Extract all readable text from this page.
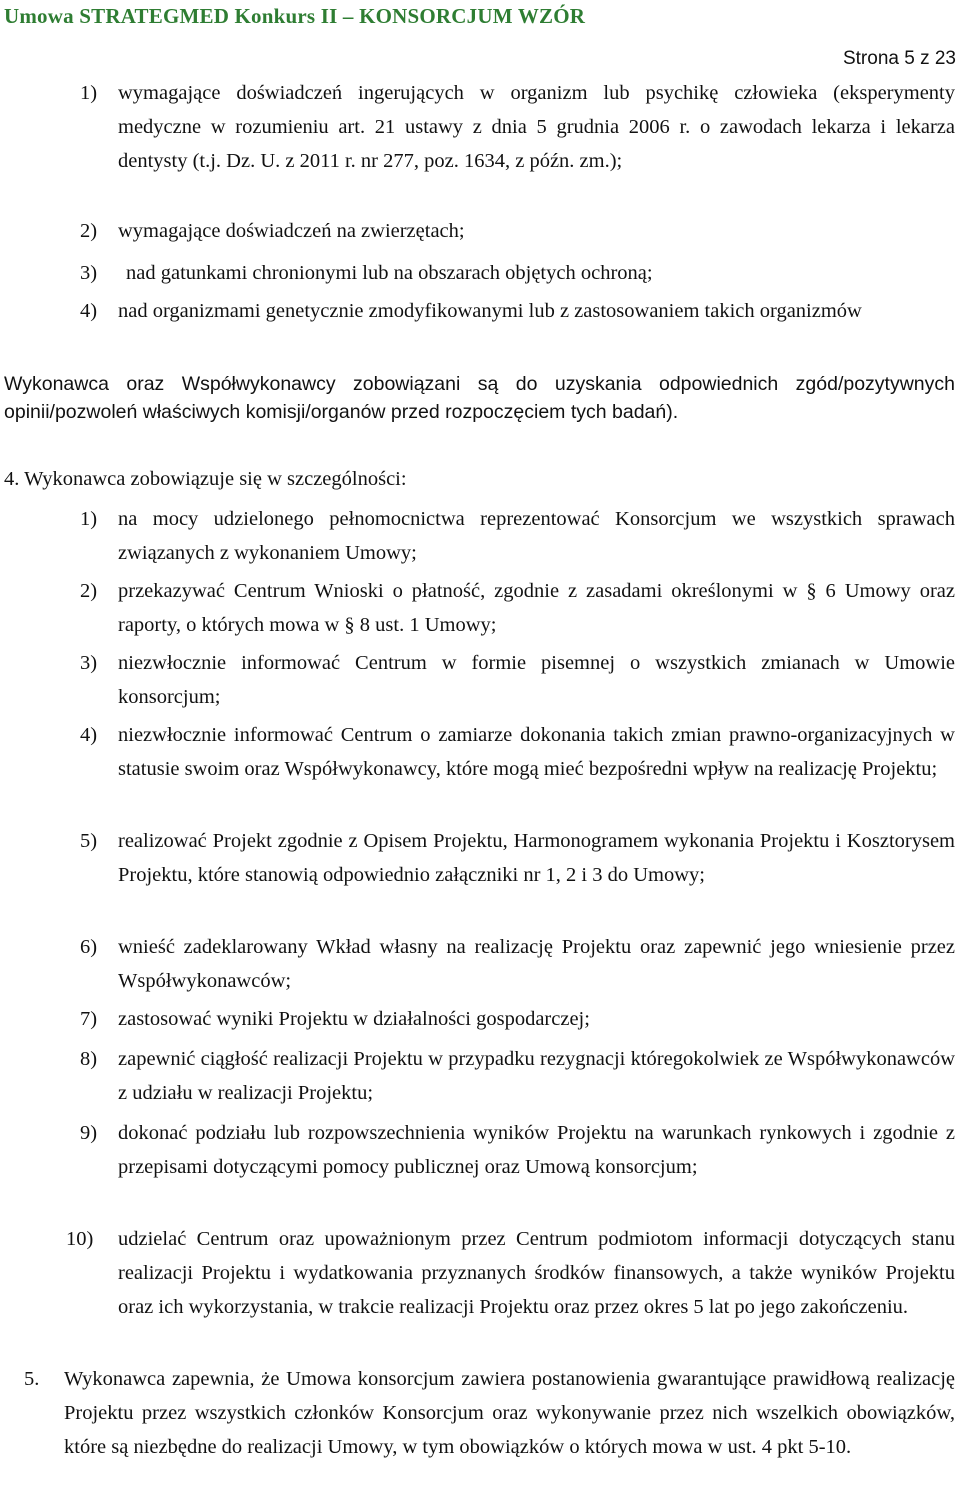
Umowa STRATEGMED Konkurs II – KONSORCJUM WZÓR
Strona 5 z 23
1) wymagające doświadczeń ingerujących w organizm lub psychikę człowieka (eksperymenty medyczne w rozumieniu art. 21 ustawy z dnia 5 grudnia 2006 r. o zawodach lekarza i lekarza dentysty (t.j. Dz. U. z 2011 r. nr 277, poz. 1634, z późn. zm.);
2) wymagające doświadczeń na zwierzętach;
3) nad gatunkami chronionymi lub na obszarach objętych ochroną;
4) nad organizmami genetycznie zmodyfikowanymi lub z zastosowaniem takich organizmów
Wykonawca oraz Współwykonawcy zobowiązani są do uzyskania odpowiednich zgód/pozytywnych opinii/pozwoleń właściwych komisji/organów przed rozpoczęciem tych badań).
4. Wykonawca zobowiązuje się w szczególności:
1) na mocy udzielonego pełnomocnictwa reprezentować Konsorcjum we wszystkich sprawach związanych z wykonaniem Umowy;
2) przekazywać Centrum Wnioski o płatność, zgodnie z zasadami określonymi w § 6 Umowy oraz raporty, o których mowa w § 8 ust. 1 Umowy;
3) niezwłocznie informować Centrum w formie pisemnej o wszystkich zmianach w Umowie konsorcjum;
4) niezwłocznie informować Centrum o zamiarze dokonania takich zmian prawno-organizacyjnych w statusie swoim oraz Współwykonawcy, które mogą mieć bezpośredni wpływ na realizację Projektu;
5) realizować Projekt zgodnie z Opisem Projektu, Harmonogramem wykonania Projektu i Kosztorysem Projektu, które stanowią odpowiednio załączniki nr 1, 2 i 3 do Umowy;
6) wnieść zadeklarowany Wkład własny na realizację Projektu oraz zapewnić jego wniesienie przez Współwykonawców;
7) zastosować wyniki Projektu w działalności gospodarczej;
8) zapewnić ciągłość realizacji Projektu w przypadku rezygnacji któregokolwiek ze Współwykonawców z udziału w realizacji Projektu;
9) dokonać podziału lub rozpowszechnienia wyników Projektu na warunkach rynkowych i zgodnie z przepisami dotyczącymi pomocy publicznej oraz Umową konsorcjum;
10) udzielać Centrum oraz upoważnionym przez Centrum podmiotom informacji dotyczących stanu realizacji Projektu i wydatkowania przyznanych środków finansowych, a także wyników Projektu oraz ich wykorzystania, w trakcie realizacji Projektu oraz przez okres 5 lat po jego zakończeniu.
5. Wykonawca zapewnia, że Umowa konsorcjum zawiera postanowienia gwarantujące prawidłową realizację Projektu przez wszystkich członków Konsorcjum oraz wykonywanie przez nich wszelkich obowiązków, które są niezbędne do realizacji Umowy, w tym obowiązków o których mowa w ust. 4 pkt 5-10.
